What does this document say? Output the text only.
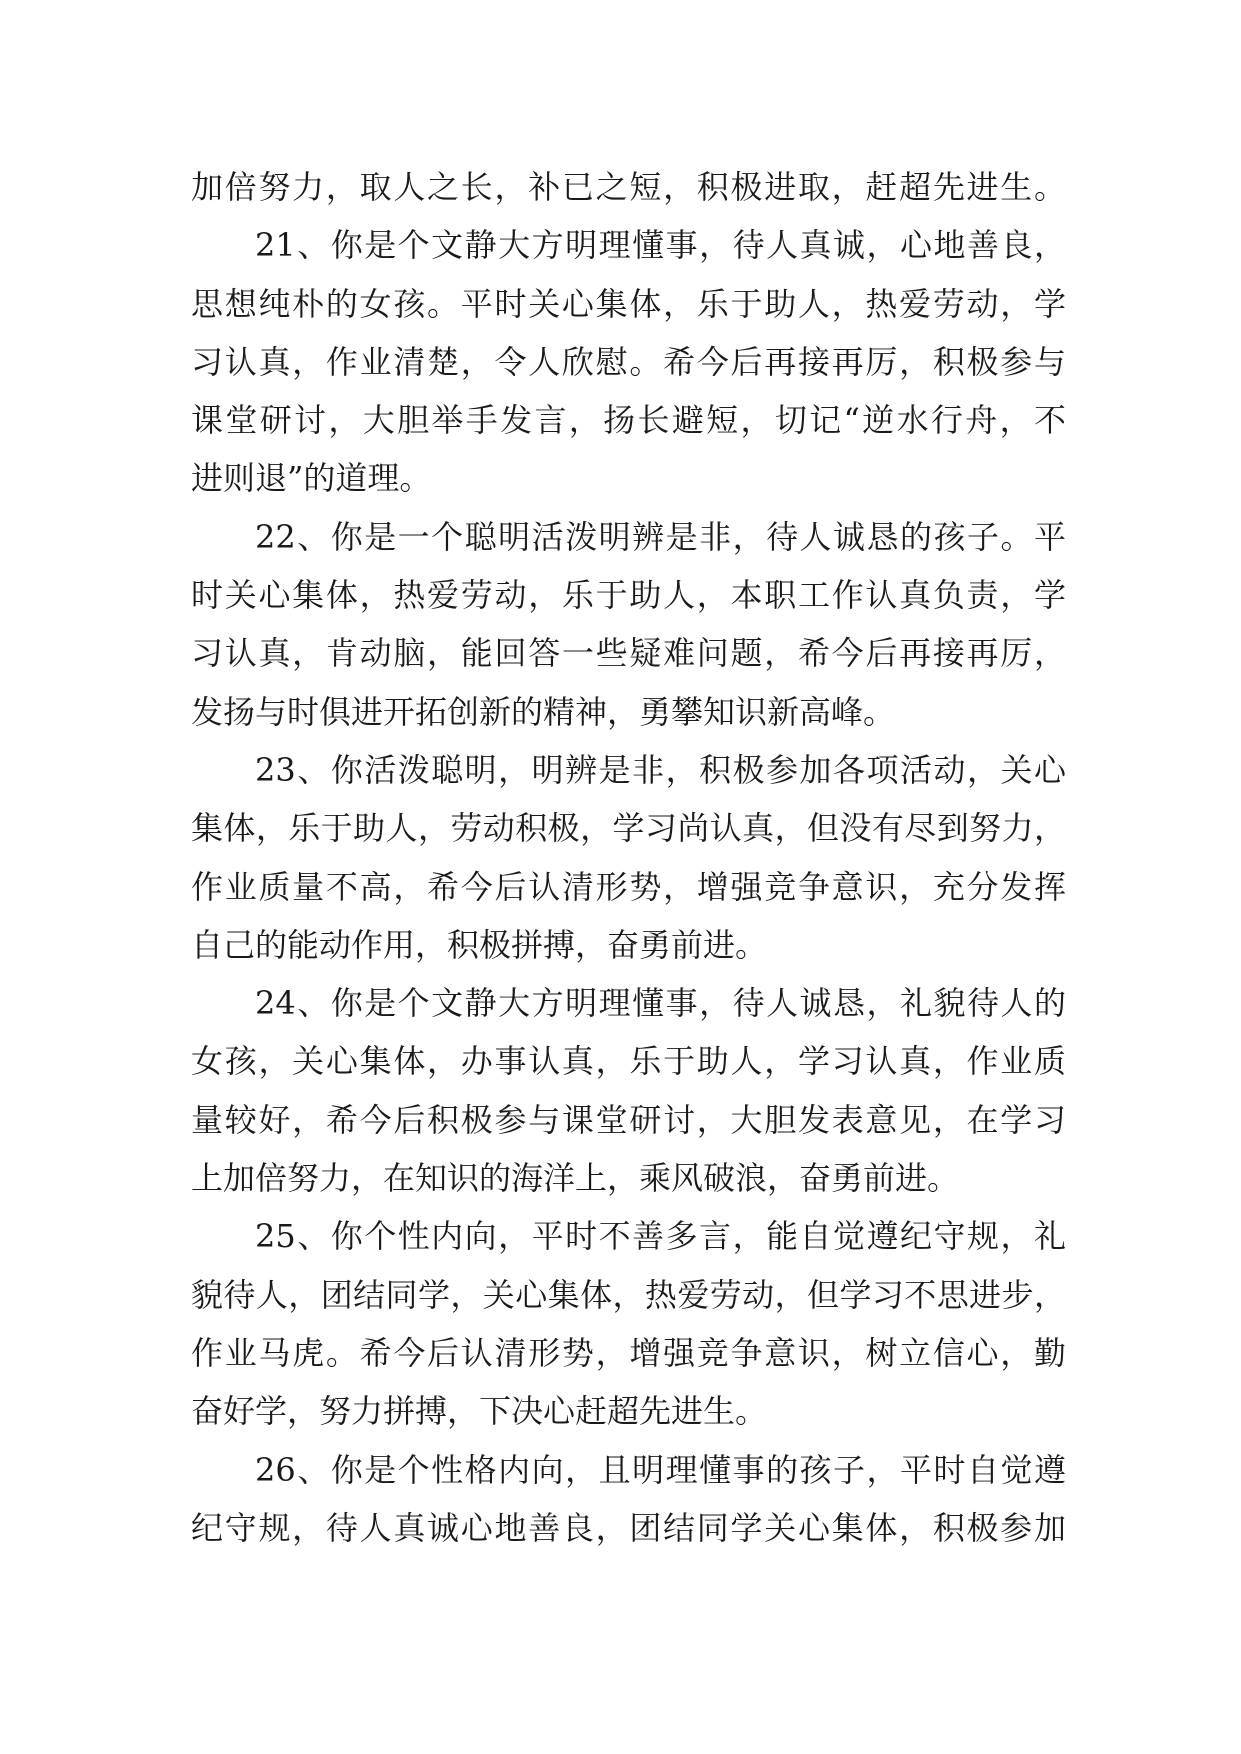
加倍努力，取人之长，补已之短，积极进取，赶超先进生。
21、你是个文静大方明理懂事，待人真诚，心地善良，
思想纯朴的女孩。平时关心集体，乐于助人，热爱劳动，学
习认真，作业清楚，令人欣慰。希今后再接再厉，积极参与
课堂研讨，大胆举手发言，扬长避短，切记“逆水行舟，不
进则退”的道理。
22、你是一个聪明活泼明辨是非，待人诚恳的孩子。平
时关心集体，热爱劳动，乐于助人，本职工作认真负责，学
习认真，肯动脑，能回答一些疑难问题，希今后再接再厉，
发扬与时俱进开拓创新的精神，勇攀知识新高峰。
23、你活泼聪明，明辨是非，积极参加各项活动，关心
集体，乐于助人，劳动积极，学习尚认真，但没有尽到努力，
作业质量不高，希今后认清形势，增强竞争意识，充分发挥
自己的能动作用，积极拼搏，奋勇前进。
24、你是个文静大方明理懂事，待人诚恳，礼貌待人的
女孩，关心集体，办事认真，乐于助人，学习认真，作业质
量较好，希今后积极参与课堂研讨，大胆发表意见，在学习
上加倍努力，在知识的海洋上，乘风破浪，奋勇前进。
25、你个性内向，平时不善多言，能自觉遵纪守规，礼
貌待人，团结同学，关心集体，热爱劳动，但学习不思进步，
作业马虎。希今后认清形势，增强竞争意识，树立信心，勤
奋好学，努力拼搏，下决心赶超先进生。
26、你是个性格内向，且明理懂事的孩子，平时自觉遵
纪守规，待人真诚心地善良，团结同学关心集体，积极参加
